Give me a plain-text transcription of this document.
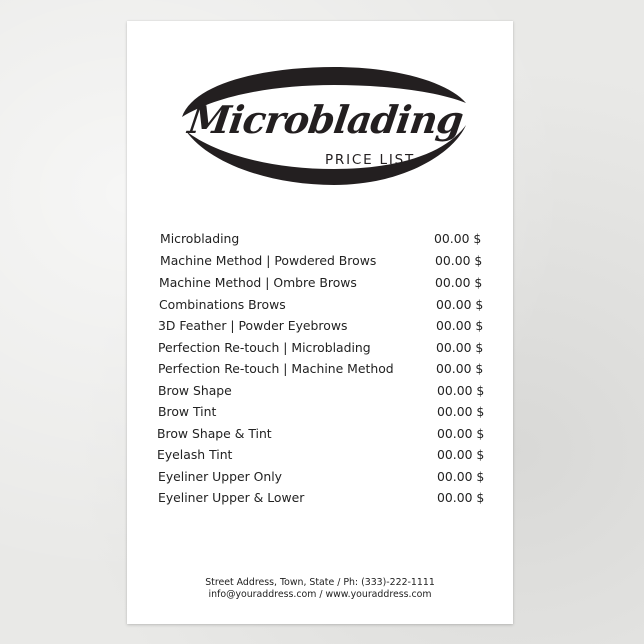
Microblading
PRICE LIST
Microblading	00.00 $
Machine Method | Powdered Brows	00.00 $
Machine Method | Ombre Brows	00.00 $
Combinations Brows	00.00 $
3D Feather | Powder Eyebrows	00.00 $
Perfection Re-touch | Microblading	00.00 $
Perfection Re-touch | Machine Method	00.00 $
Brow Shape	00.00 $
Brow Tint	00.00 $
Brow Shape & Tint	00.00 $
Eyelash Tint	00.00 $
Eyeliner Upper Only	00.00 $
Eyeliner Upper & Lower	00.00 $
Street Address, Town, State / Ph: (333)-222-1111
info@youraddress.com / www.youraddress.com
